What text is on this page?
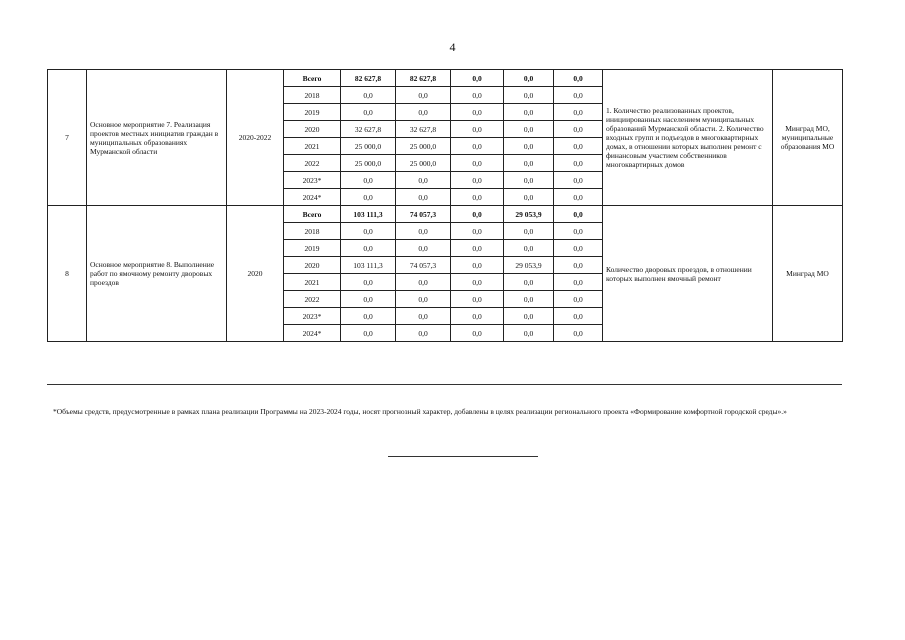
4
7	Основное мероприятие 7. Реализация проектов местных инициатив граждан в муниципальных образованиях Мурманской области	2020-2022	Всего	82 627,8	82 627,8	0,0	0,0	0,0	1. Количество реализованных проектов, инициированных населением муниципальных образований Мурманской области. 2. Количество входных групп и подъездов в многоквартирных домах, в отношении которых выполнен ремонт с финансовым участием собственников многоквартирных домов	Минград МО, муниципальные образования МО
			2018	0,0	0,0	0,0	0,0	0,0		
			2019	0,0	0,0	0,0	0,0	0,0		
			2020	32 627,8	32 627,8	0,0	0,0	0,0		
			2021	25 000,0	25 000,0	0,0	0,0	0,0		
			2022	25 000,0	25 000,0	0,0	0,0	0,0		
			2023*	0,0	0,0	0,0	0,0	0,0		
			2024*	0,0	0,0	0,0	0,0	0,0		
8	Основное мероприятие 8. Выполнение работ по ямочному ремонту дворовых проездов	2020	Всего	103 111,3	74 057,3	0,0	29 053,9	0,0	Количество дворовых проездов, в отношении которых выполнен ямочный ремонт	Минград МО
			2018	0,0	0,0	0,0	0,0	0,0		
			2019	0,0	0,0	0,0	0,0	0,0		
			2020	103 111,3	74 057,3	0,0	29 053,9	0,0		
			2021	0,0	0,0	0,0	0,0	0,0		
			2022	0,0	0,0	0,0	0,0	0,0		
			2023*	0,0	0,0	0,0	0,0	0,0		
			2024*	0,0	0,0	0,0	0,0	0,0		
*Объемы средств, предусмотренные в рамках плана реализации Программы на 2023-2024 годы, носят прогнозный характер, добавлены в целях реализации регионального проекта «Формирование комфортной городской среды».»
